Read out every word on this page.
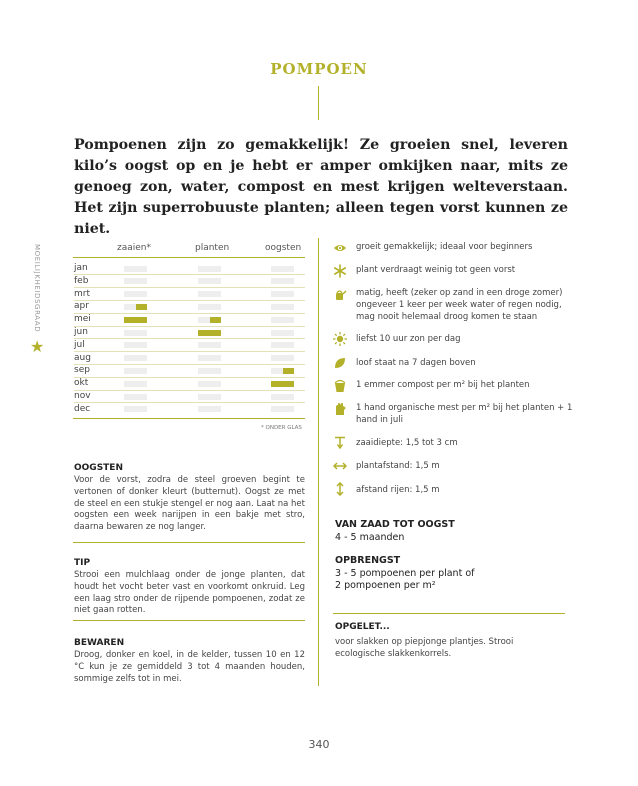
POMPOEN
Pompoenen zijn zo gemakkelijk! Ze groeien snel, leveren kilo’s oogst op en je hebt er amper omkijken naar, mits ze genoeg zon, water, compost en mest krijgen welteverstaan. Het zijn superrobuuste planten; alleen tegen vorst kunnen ze niet.
MOEILIJKHEIDSGRAAD
★
zaaien*	planten	oogsten
jan
feb
mrt
apr
mei
jun
jul
aug
sep
okt
nov
dec
* ONDER GLAS
OOGSTEN
Voor de vorst, zodra de steel groeven begint te vertonen of donker kleurt (butternut). Oogst ze met de steel en een stukje stengel er nog aan. Laat na het oogsten een week narijpen in een bakje met stro, daarna bewaren ze nog langer.
TIP
Strooi een mulchlaag onder de jonge planten, dat houdt het vocht beter vast en voorkomt onkruid. Leg een laag stro onder de rijpende pompoenen, zodat ze niet gaan rotten.
BEWAREN
Droog, donker en koel, in de kelder, tussen 10 en 12 °C kun je ze gemiddeld 3 tot 4 maanden houden, sommige zelfs tot in mei.
groeit gemakkelijk; ideaal voor beginners
plant verdraagt weinig tot geen vorst
matig, heeft (zeker op zand in een droge zomer) ongeveer 1 keer per week water of regen nodig, mag nooit helemaal droog komen te staan
liefst 10 uur zon per dag
loof staat na 7 dagen boven
1 emmer compost per m² bij het planten
1 hand organische mest per m² bij het planten + 1 hand in juli
zaaidiepte: 1,5 tot 3 cm
plantafstand: 1,5 m
afstand rijen: 1,5 m
VAN ZAAD TOT OOGST
4 - 5 maanden
OPBRENGST
3 - 5 pompoenen per plant of
2 pompoenen per m²
OPGELET...
voor slakken op piepjonge plantjes. Strooi ecologische slakkenkorrels.
340
